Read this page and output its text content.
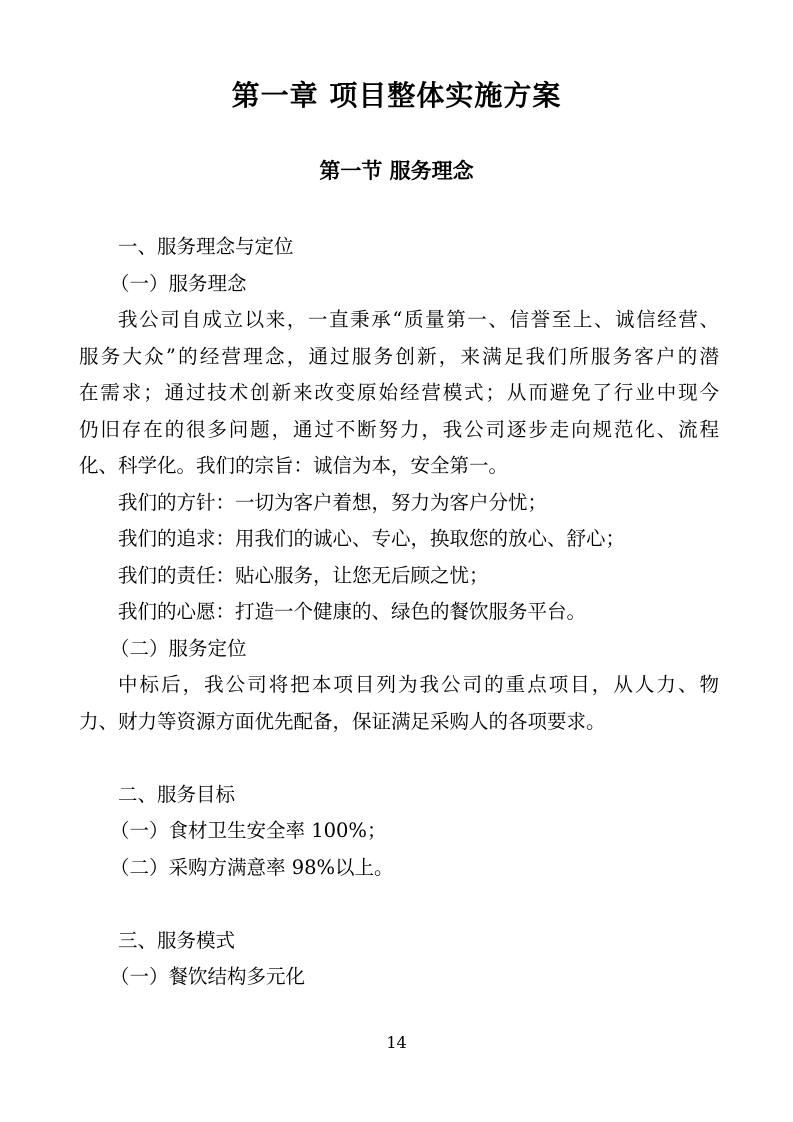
第一章 项目整体实施方案
第一节 服务理念
一、服务理念与定位
（一）服务理念
我公司自成立以来，一直秉承“质量第一、信誉至上、诚信经营、
服务大众”的经营理念，通过服务创新，来满足我们所服务客户的潜
在需求；通过技术创新来改变原始经营模式；从而避免了行业中现今
仍旧存在的很多问题，通过不断努力，我公司逐步走向规范化、流程
化、科学化。我们的宗旨：诚信为本，安全第一。
我们的方针：一切为客户着想，努力为客户分忧；
我们的追求：用我们的诚心、专心，换取您的放心、舒心；
我们的责任：贴心服务，让您无后顾之忧；
我们的心愿：打造一个健康的、绿色的餐饮服务平台。
（二）服务定位
中标后，我公司将把本项目列为我公司的重点项目，从人力、物
力、财力等资源方面优先配备，保证满足采购人的各项要求。
二、服务目标
（一）食材卫生安全率 100%；
（二）采购方满意率 98%以上。
三、服务模式
（一）餐饮结构多元化
14
